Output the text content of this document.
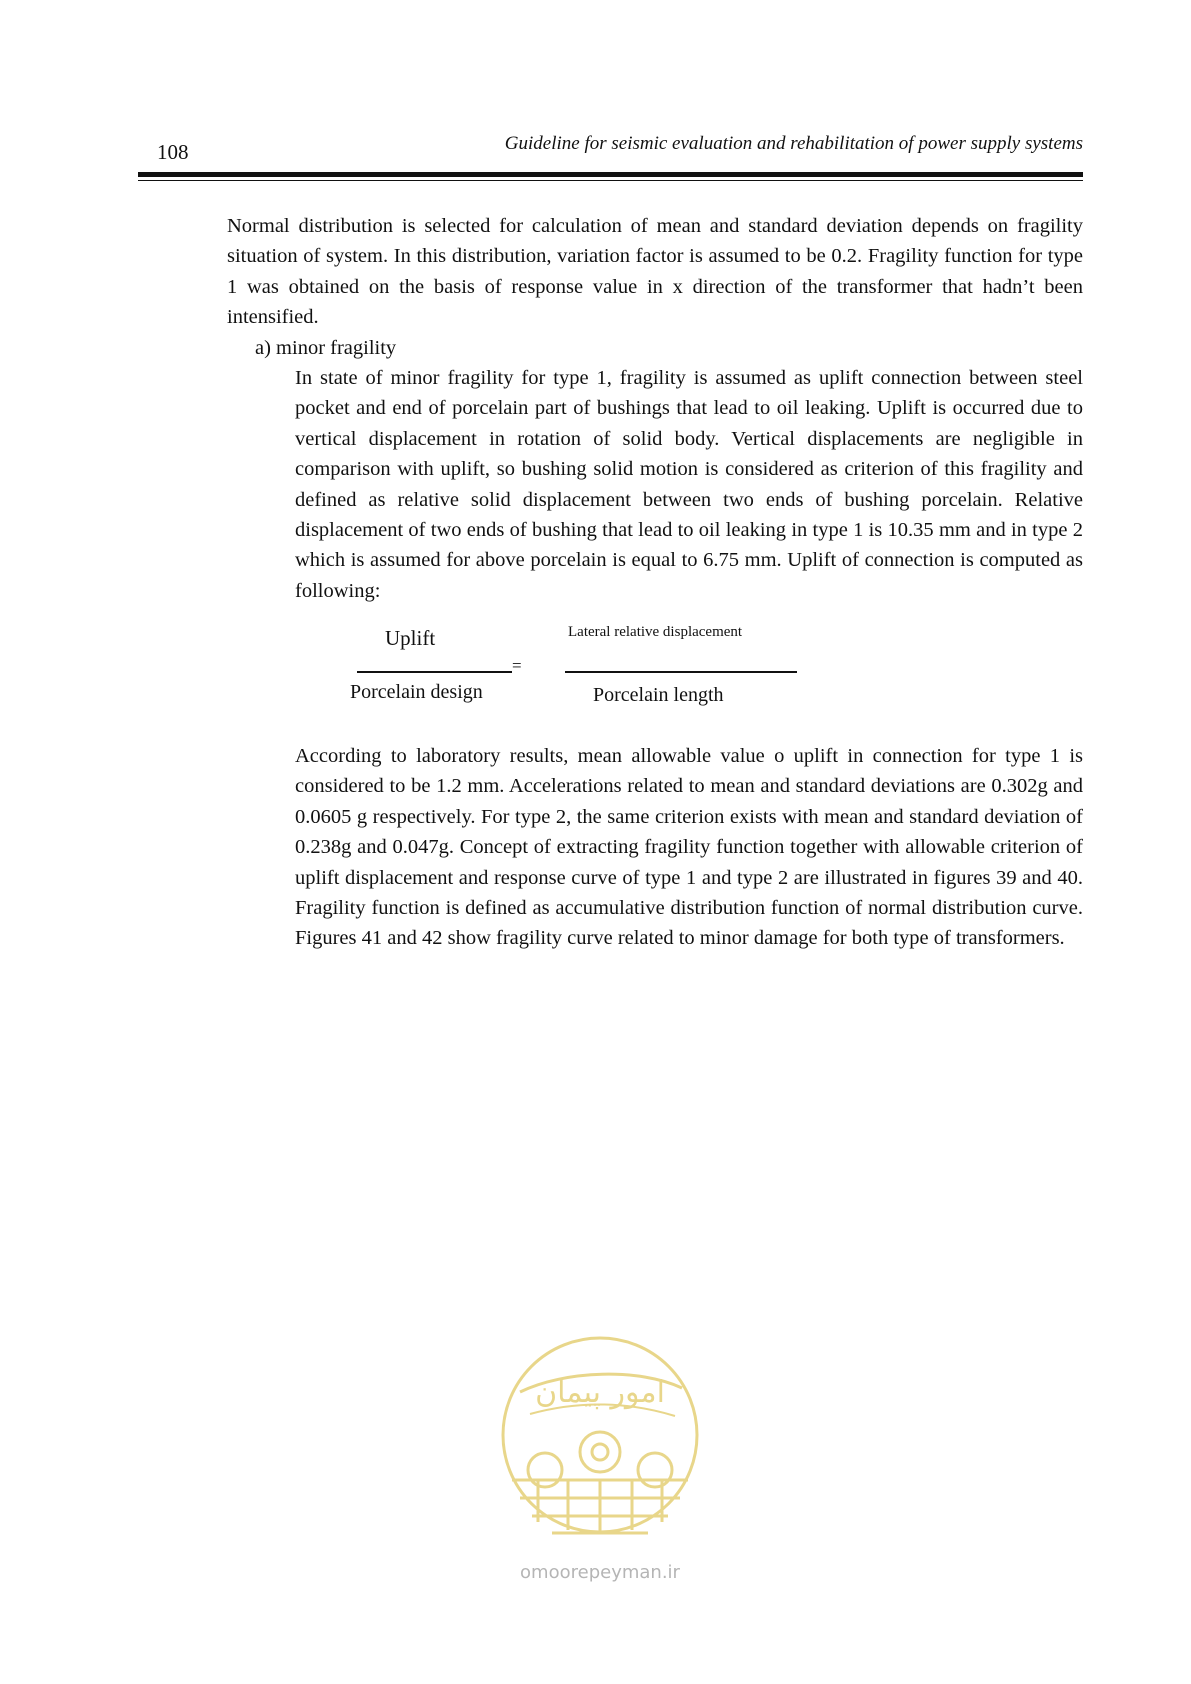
108	Guideline for seismic evaluation and rehabilitation of power supply systems

Normal distribution is selected for calculation of mean and standard deviation depends on fragility situation of system. In this distribution, variation factor is assumed to be 0.2. Fragility function for type 1 was obtained on the basis of response value in x direction of the transformer that hadn’t been intensified.

a) minor fragility

In state of minor fragility for type 1, fragility is assumed as uplift connection between steel pocket and end of porcelain part of bushings that lead to oil leaking. Uplift is occurred due to vertical displacement in rotation of solid body. Vertical displacements are negligible in comparison with uplift, so bushing solid motion is considered as criterion of this fragility and defined as relative solid displacement between two ends of bushing porcelain. Relative displacement of two ends of bushing that lead to oil leaking in type 1 is 10.35 mm and in type 2 which is assumed for above porcelain is equal to 6.75 mm. Uplift of connection is computed as following:

Uplift	Lateral relative displacement
=
Porcelain design	Porcelain length

According to laboratory results, mean allowable value o uplift in connection for type 1 is considered to be 1.2 mm. Accelerations related to mean and standard deviations are 0.302g and 0.0605 g respectively. For type 2, the same criterion exists with mean and standard deviation of 0.238g and 0.047g. Concept of extracting fragility function together with allowable criterion of uplift displacement and response curve of type 1 and type 2 are illustrated in figures 39 and 40. Fragility function is defined as accumulative distribution function of normal distribution curve. Figures 41 and 42 show fragility curve related to minor damage for both type of transformers.

امور پیمان
omoorepeyman.ir
